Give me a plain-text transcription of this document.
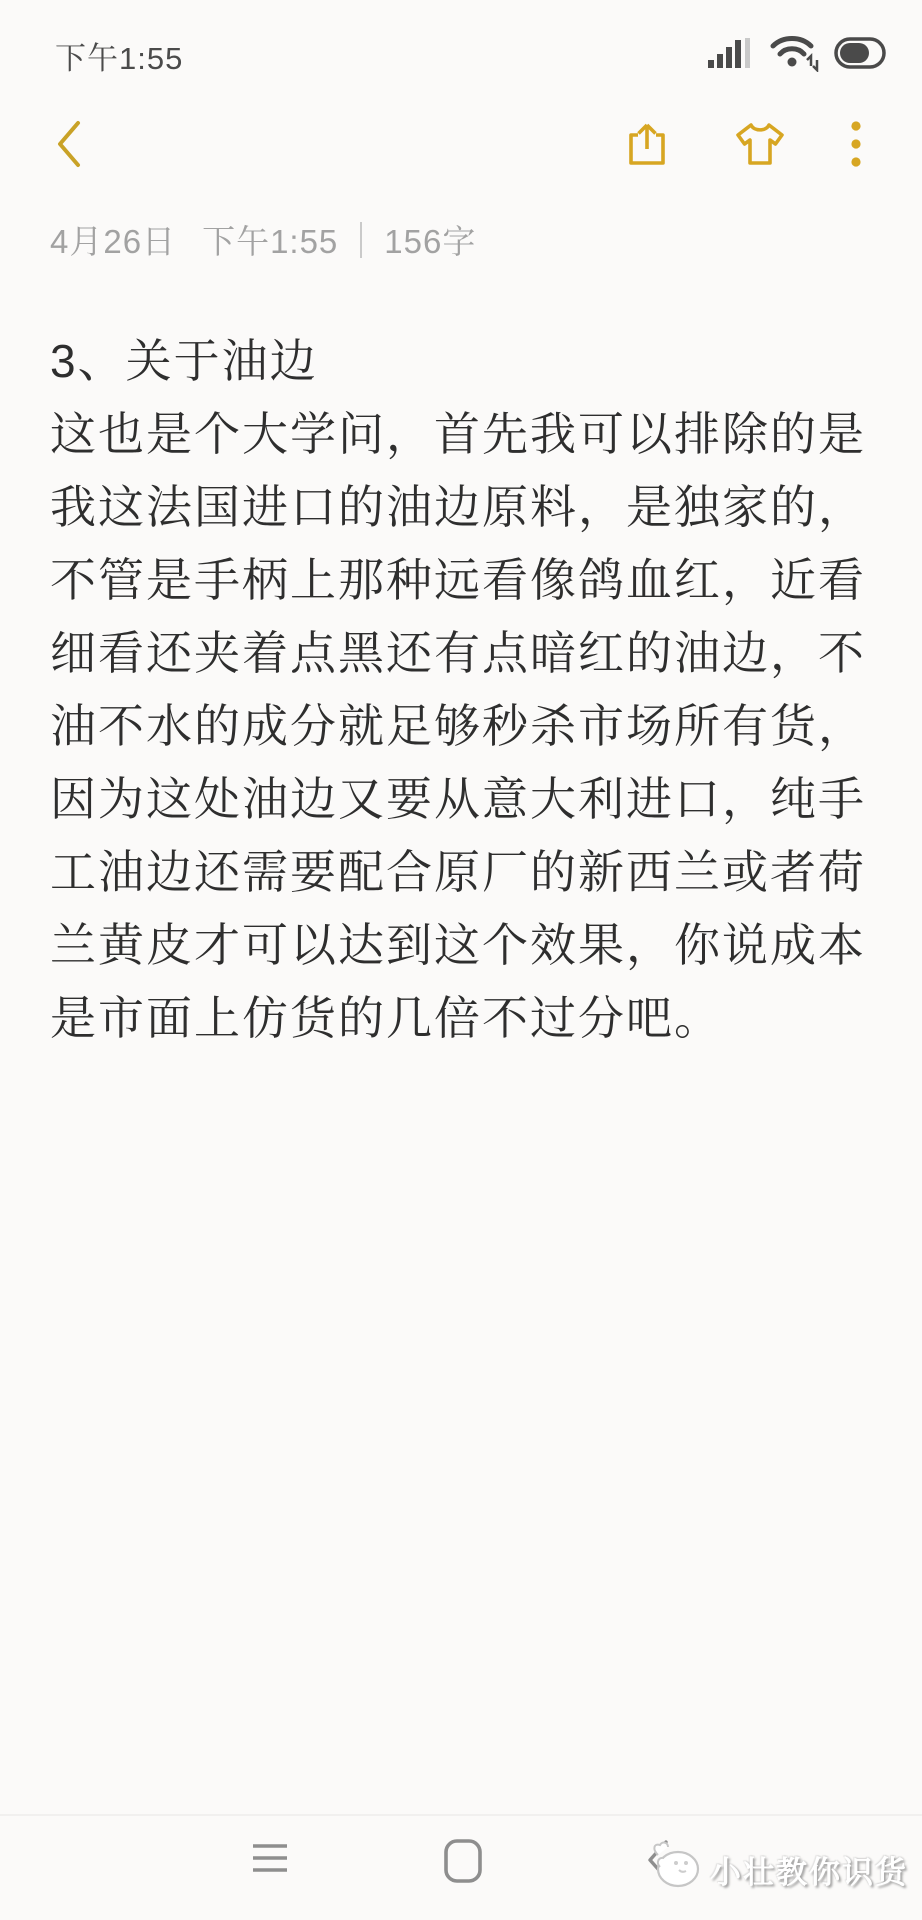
下午1:55
4月26日 下午1:55 156字
3、关于油边
这也是个大学问，首先我可以排除的是我这法国进口的油边原料，是独家的，不管是手柄上那种远看像鸽血红，近看细看还夹着点黑还有点暗红的油边，不油不水的成分就足够秒杀市场所有货，因为这处油边又要从意大利进口，纯手工油边还需要配合原厂的新西兰或者荷兰黄皮才可以达到这个效果，你说成本是市面上仿货的几倍不过分吧。
小壮教你识货
